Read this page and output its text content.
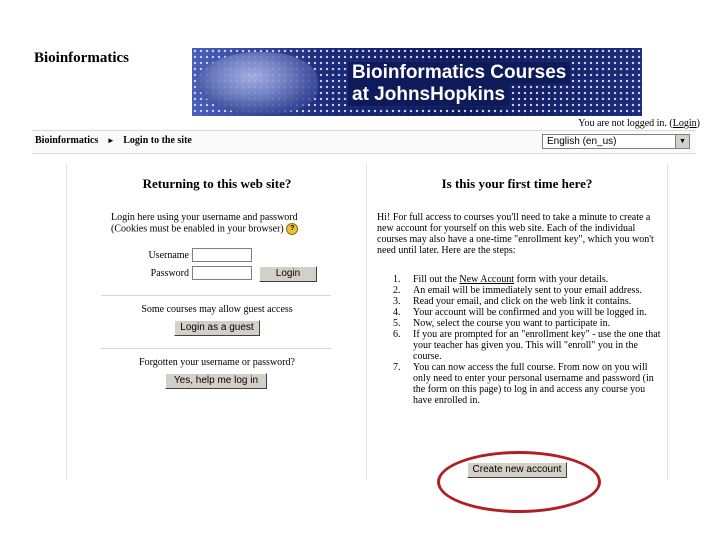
Bioinformatics
Bioinformatics Courses
at JohnsHopkins
You are not logged in. (Login)
Bioinformatics ► Login to the site	English (en_us)	▼
Returning to this web site?
Login here using your username and password (Cookies must be enabled in your browser) ?
Username
Password	Login
Some courses may allow guest access
Login as a guest
Forgotten your username or password?
Yes, help me log in
Is this your first time here?
Hi! For full access to courses you'll need to take a minute to create a new account for yourself on this web site. Each of the individual courses may also have a one-time "enrollment key", which you won't need until later. Here are the steps:
1. Fill out the New Account form with your details.
2. An email will be immediately sent to your email address.
3. Read your email, and click on the web link it contains.
4. Your account will be confirmed and you will be logged in.
5. Now, select the course you want to participate in.
6. If you are prompted for an "enrollment key" - use the one that your teacher has given you. This will "enroll" you in the course.
7. You can now access the full course. From now on you will only need to enter your personal username and password (in the form on this page) to log in and access any course you have enrolled in.
Create new account
